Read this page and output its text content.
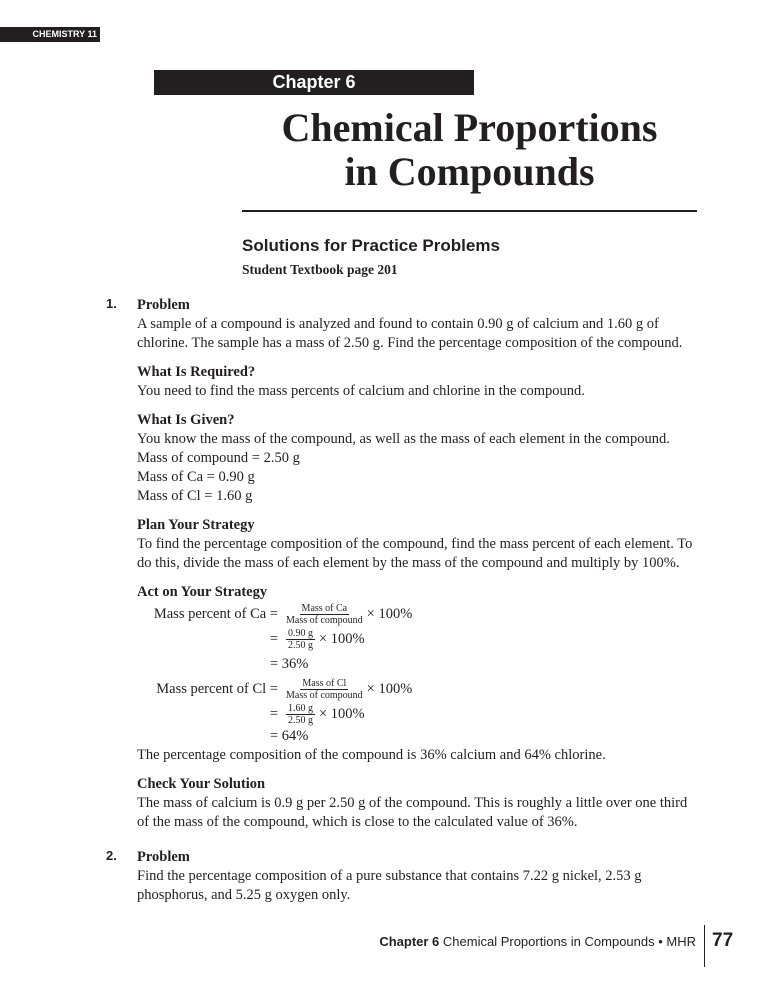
CHEMISTRY 11
Chapter 6
Chemical Proportions
in Compounds
Solutions for Practice Problems
Student Textbook page 201
1. Problem
A sample of a compound is analyzed and found to contain 0.90 g of calcium and 1.60 g of chlorine. The sample has a mass of 2.50 g. Find the percentage composition of the compound.

What Is Required?
You need to find the mass percents of calcium and chlorine in the compound.

What Is Given?
You know the mass of the compound, as well as the mass of each element in the compound.
Mass of compound = 2.50 g
Mass of Ca = 0.90 g
Mass of Cl = 1.60 g

Plan Your Strategy
To find the percentage composition of the compound, find the mass percent of each element. To do this, divide the mass of each element by the mass of the compound and multiply by 100%.

Act on Your Strategy
Mass percent of $Ca = \frac{\text{Mass of Ca}}{\text{Mass of compound}} \times 100\%$
= $\frac{0.90 g}{2.50 g} \times 100\%$
= 36%
Mass percent of $Cl = \frac{\text{Mass of Cl}}{\text{Mass of compound}} \times 100\%$
= $\frac{1.60 g}{2.50 g} \times 100\%$
= 64%

The percentage composition of the compound is 36% calcium and 64% chlorine.

Check Your Solution
The mass of calcium is 0.9 g per 2.50 g of the compound. This is roughly a little over one third of the mass of the compound, which is close to the calculated value of 36%.

2. Problem
Find the percentage composition of a pure substance that contains 7.22 g nickel, 2.53 g phosphorus, and 5.25 g oxygen only.

Chapter 6 Chemical Proportions in Compounds • MHR 77
